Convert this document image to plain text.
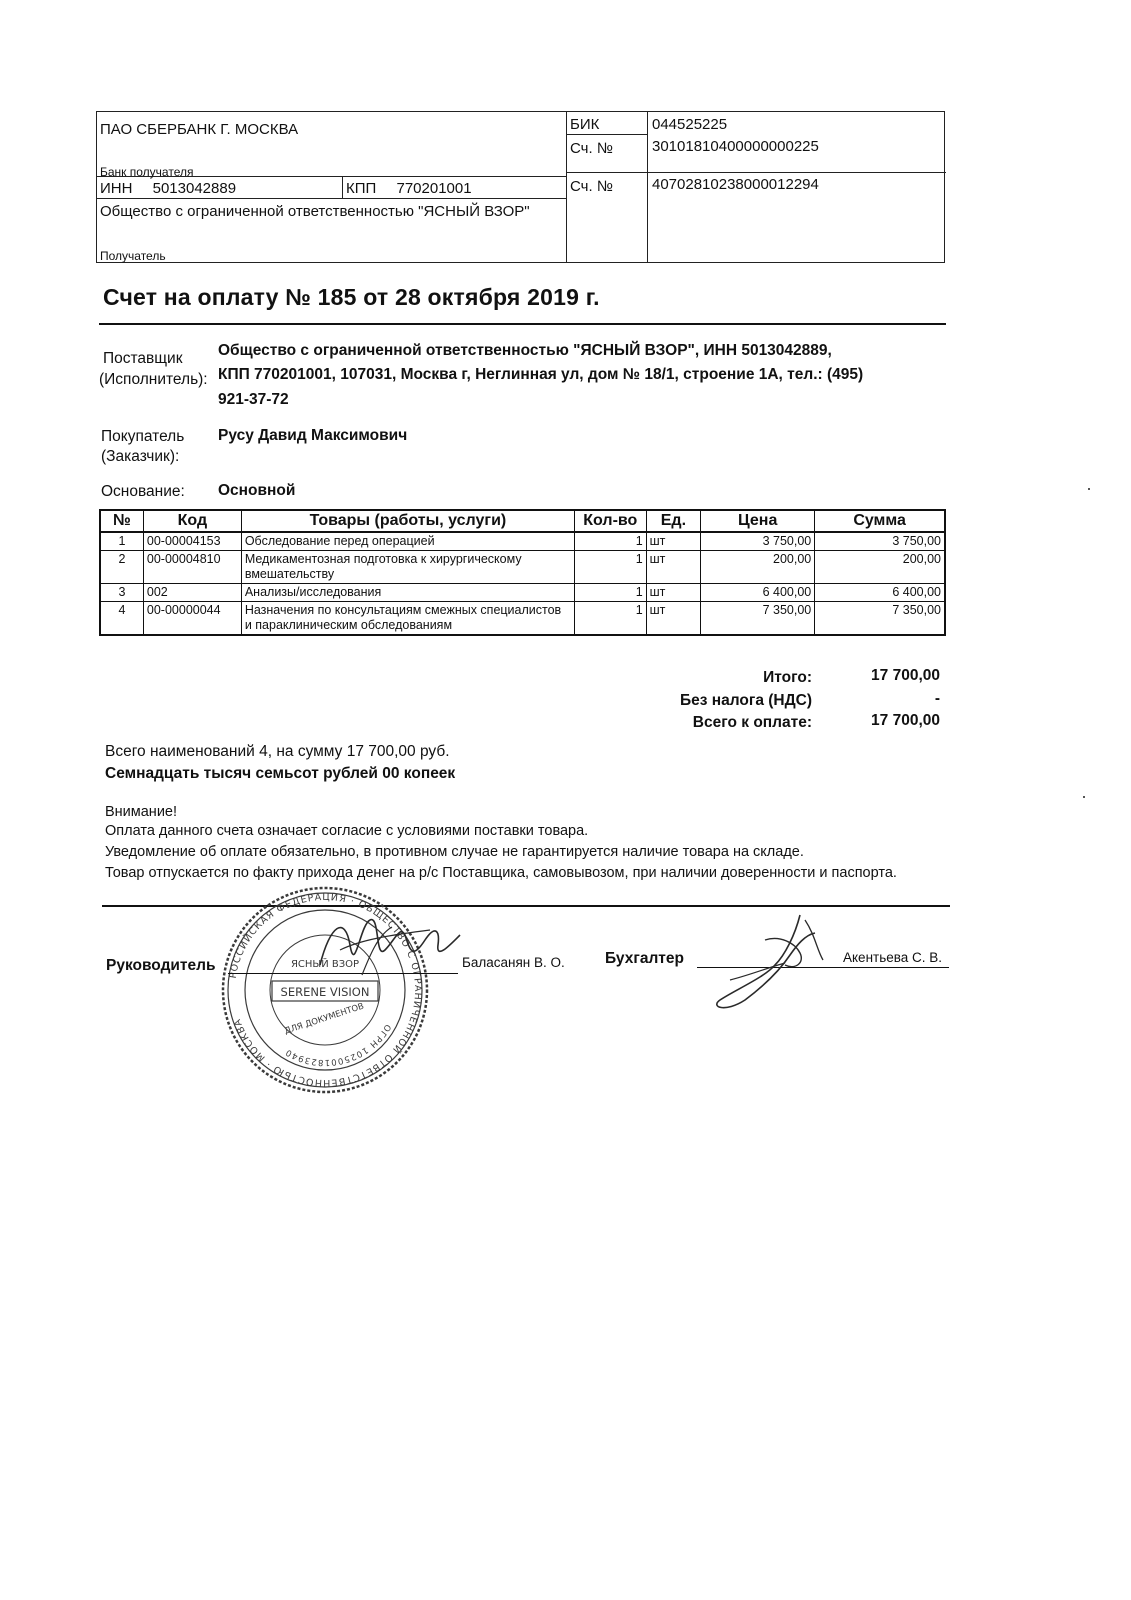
ПАО СБЕРБАНК Г. МОСКВА
Банк получателя
ИНН 5013042889	КПП 770201001
Общество с ограниченной ответственностью "ЯСНЫЙ ВЗОР"
Получатель
БИК	044525225
Сч. №	30101810400000000225
Сч. №	40702810238000012294
Счет на оплату № 185 от 28 октября 2019 г.
Поставщик
(Исполнитель):
Общество с ограниченной ответственностью "ЯСНЫЙ ВЗОР", ИНН 5013042889,
КПП 770201001, 107031, Москва г, Неглинная ул, дом № 18/1, строение 1А, тел.: (495)
921-37-72
Покупатель
(Заказчик):
Русу Давид Максимович
Основание: Основной
№	Код	Товары (работы, услуги)	Кол-во	Ед.	Цена	Сумма
1	00-00004153	Обследование перед операцией	1	шт	3 750,00	3 750,00
2	00-00004810	Медикаментозная подготовка к хирургическому вмешательству	1	шт	200,00	200,00
3	002	Анализы/исследования	1	шт	6 400,00	6 400,00
4	00-00000044	Назначения по консультациям смежных специалистов и параклиническим обследованиям	1	шт	7 350,00	7 350,00
Итого:	17 700,00
Без налога (НДС)	-
Всего к оплате:	17 700,00
Всего наименований 4, на сумму 17 700,00 руб.
Семнадцать тысяч семьсот рублей 00 копеек
Внимание!
Оплата данного счета означает согласие с условиями поставки товара.
Уведомление об оплате обязательно, в противном случае не гарантируется наличие товара на складе.
Товар отпускается по факту прихода денег на р/с Поставщика, самовывозом, при наличии доверенности и паспорта.
РОССИЙСКАЯ ФЕДЕРАЦИЯ · ОБЩЕСТВО С ОГРАНИЧЕННОЙ ОТВЕТСТВЕННОСТЬЮ · МОСКВА
ОГРН 1025001823940
ЯСНЫЙ ВЗОР
SERENE VISION
ДЛЯ ДОКУМЕНТОВ
Руководитель	Баласанян В. О.	Бухгалтер	Акентьева С. В.
